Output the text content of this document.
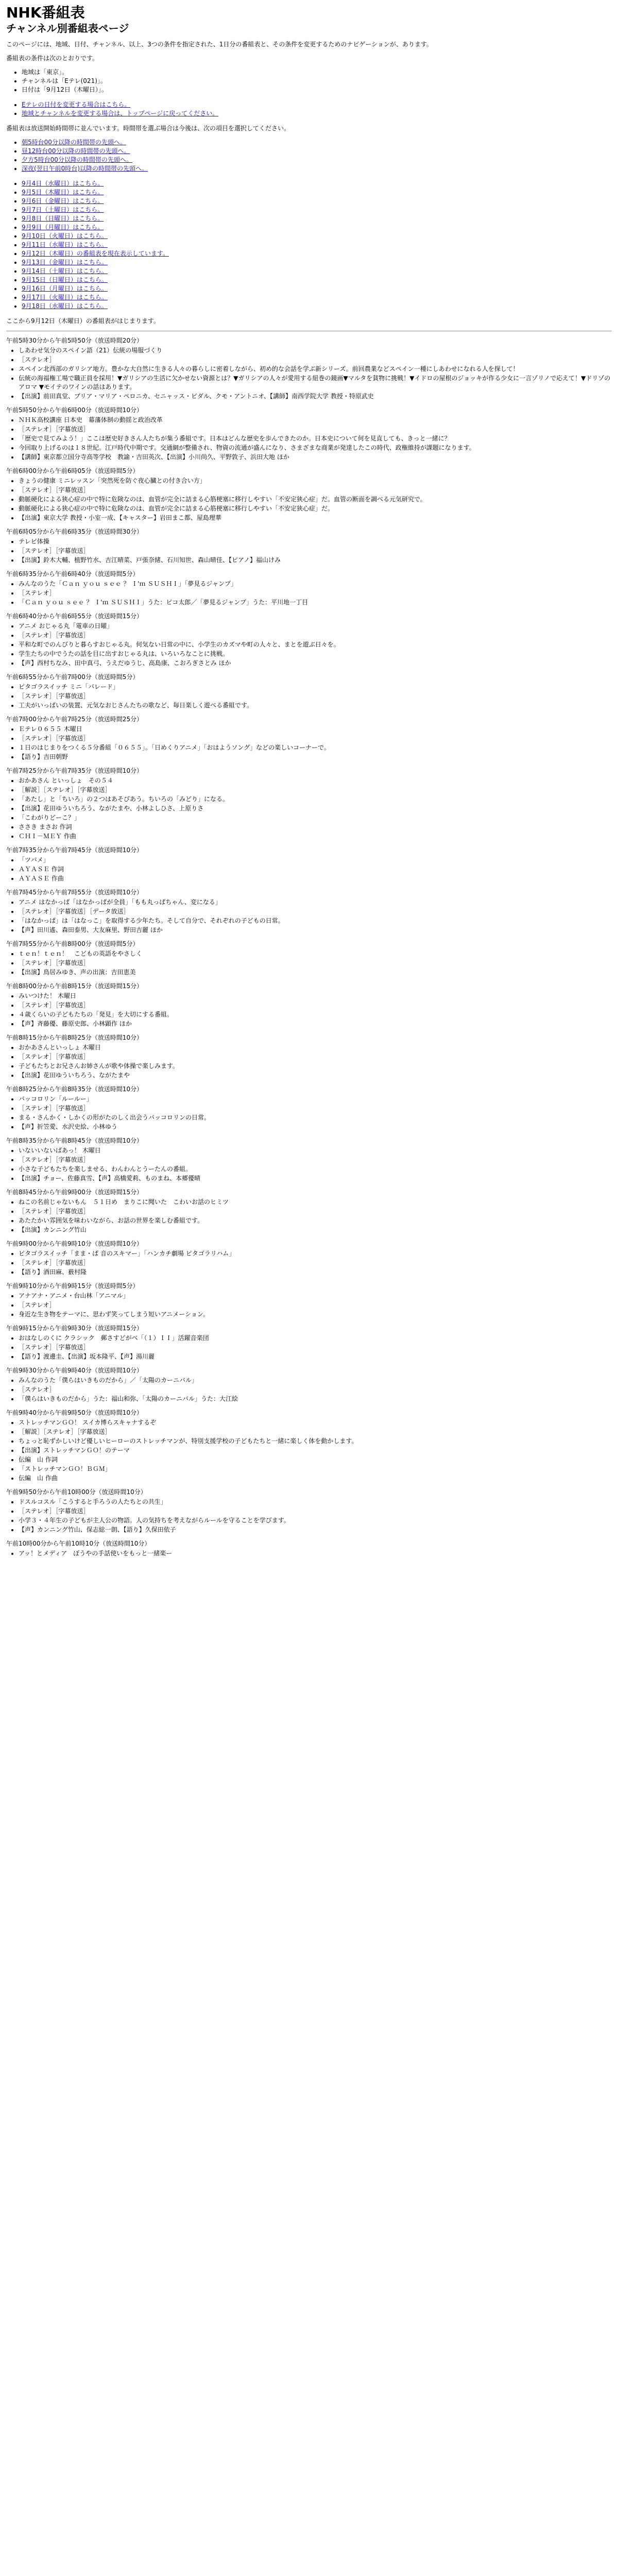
NHK番組表
チャンネル別番組表ページ

このページには、地域、日付、チャンネル、以上、3つの条件を指定された、1日分の番組表と、その条件を変更するためのナビゲーションが、あります。

番組表の条件は次のとおりです。

• 地域は「東京」。
• チャンネルは「Eテレ(021)」。
• 日付は「9月12日（木曜日）」。
• Eテレの日付を変更する場合はこちら。
• 地域とチャンネルを変更する場合は、トップページに戻ってください。

番組表は放送開始時間帯に並んでいます。時間帯を選ぶ場合は今後は、次の項目を選択してください。

• 朝5時台00分以降の時間帯の先頭へ。
• 昼12時台00分以降の時間帯の先頭へ。
• 夕方5時台00分以降の時間帯の先頭へ。
• 深夜(翌日午前0時台)以降の時間帯の先頭へ。
• 9月4日（水曜日）はこちら。
• 9月5日（木曜日）はこちら。
• 9月6日（金曜日）はこちら。
• 9月7日（土曜日）はこちら。
• 9月8日（日曜日）はこちら。
• 9月9日（月曜日）はこちら。
• 9月10日（火曜日）はこちら。
• 9月11日（水曜日）はこちら。
• 9月12日（木曜日）の番組表を現在表示しています。
• 9月13日（金曜日）はこちら。
• 9月14日（土曜日）はこちら。
• 9月15日（日曜日）はこちら。
• 9月16日（月曜日）はこちら。
• 9月17日（火曜日）はこちら。
• 9月18日（水曜日）はこちら。

ここから9月12日（木曜日）の番組表がはじまります。

午前5時30分から午前5時50分（放送時間20分）

• しあわせ気分のスペイン語（21）伝統の場服づくり
• ［ステレオ］
• スペイン北西部のガリシア地方。豊かな大自然に生きる人々の暮らしに密着しながら、初め的な会話を学ぶ新シリーズ。前回農業などスペイン一種にしあわせになれる人を探して！
• 伝統の海福権工場で職正員を採用！▼ガリシアの生活に欠かせない資源とは？▼ガリシアの人々が愛用する紐巻の鏡画▼マルタを貧物に挑戦！▼イドロの屋根のジョッキが作る少女に一言ゾリノで応えて！▼ドリゾのアロマ ▼モイテのワインの話はあります。
• 【出演】前田真堂、ブリア・マリア・ペロニカ、セニャッス・ビダル、クモ・アントニオ、【講師】南西学院大学 教授・特原武史

午前5時50分から午前6時00分（放送時間10分）

• ＮＨＫ高校講座 日本史　幕藩体制の動揺と政治改革
• ［ステレオ］［字幕放送］
• 「歴史で見てみよう！」ここは歴史好きさん人たちが集う番組です。日本はどんな歴史を歩んできたのか。日本史について何を見直しても、きっと一緒に？
• 今回取り上げるのは１８世紀。江戸時代中期です。交通網が整備され、物資の流通が盛んになり、さまざまな商業が発達したこの時代、政権維持が課題になります。
• 【講師】東京都立国分寺高等学校　教諭・吉田英次、【出演】小川尚久、平野敦子、浜田大地 ほか

午前6時00分から午前6時05分（放送時間5分）

• きょうの健康 ミニレッスン「突然死を防ぐ夜心臓との付き合い方」
• ［ステレオ］［字幕放送］
• 動脈硬化による狭心症の中で特に危険なのは、血管が完全に詰まる心筋梗塞に移行しやすい「不安定狭心症」だ。血管の断面を調べる元気研究で。
• 動脈硬化による狭心症の中で特に危険なのは、血管が完全に詰まる心筋梗塞に移行しやすい「不安定狭心症」だ。
• 【出演】東京大学 教授・小室一成、【キャスター】岩田まこ都、屋島理華

午前6時05分から午前6時35分（放送時間30分）

• テレビ体操
• ［ステレオ］［字幕放送］
• 【出演】鈴木大輔、植野竹水、吉江晴菜、戸張奈緒、石川知世、森山晴佳、【ピアノ】福山けみ

午前6時35分から午前6時40分（放送時間5分）

• みんなのうた「Ｃａｎ ｙｏｕ ｓｅｅ ？ Ｉ'ｍ ＳＵＳＨＩ」「夢見るジャンプ」
• ［ステレオ］
• 「Ｃａｎ ｙｏｕ ｓｅｅ ？ Ｉ'ｍ ＳＵＳＨＩ」うた：ピコ太郎／「夢見るジャンプ」うた：平川地一丁目

午前6時40分から午前6時55分（放送時間15分）

• アニメ おじゃる丸「電車の日曜」
• ［ステレオ］［字幕放送］
• 平和な町でのんびりと暮らすおじゃる丸。何気ない日常の中に、小学生のカズマや町の人々と、まとを遊ぶ日々を。
• 学生たちの中でうたの話を目に出すおじゃる丸は、いろいろなことに挑戦。
• 【声】西村ちなみ、田中真弓、うえだゆうじ、高島康、こおろぎさとみ ほか

午前6時55分から午前7時00分（放送時間5分）

• ピタゴラスイッチ ミニ「パレード」
• ［ステレオ］［字幕放送］
• 工夫がいっぱいの装置、元気なおじさんたちの歌など、毎日楽しく遊べる番組です。

午前7時00分から午前7時25分（放送時間25分）

• Ｅテレ０６５５ 木曜日
• ［ステレオ］［字幕放送］
• １日のはじまりをつくる５分番組「０６５５」。「日めくりアニメ」「おはようソング」などの楽しいコーナーで。
• 【語り】吉田朝野

午前7時25分から午前7時35分（放送時間10分）

• おかあさん といっしょ　その５４
• ［解説］［ステレオ］［字幕放送］
• 「あたし」と「ちいろ」の２つはあそびあう。ちいろの「みどり」になる。
• 【出演】花田ゆういちろう、ながたまや、小林よしひさ、上原りさ
• 「こわがりどーこ？」
• ささき まさお 作詞
• ＣＨＩ－ＭＥＹ 作曲

午前7時35分から午前7時45分（放送時間10分）

• 「ツバメ」
• ＡＹＡＳＥ 作詞
• ＡＹＡＳＥ 作曲

午前7時45分から午前7時55分（放送時間10分）

• アニメ はなかっぱ「はなかっぱが全員」「もも丸っぱちゃん、変になる」
• ［ステレオ］［字幕放送］［データ放送］
• 「はなかっぱ」は「はなっこ」を取得する少年たち。そして自分で、それぞれの子どもの日常。
• 【声】田川遙、森田泰男、大友麻里、野田吉麗 ほか

午前7時55分から午前8時00分（放送時間5分）

• ｔｅｎ！ｔｅｎ！　こどもの英語をやさしく
• ［ステレオ］［字幕放送］
• 【出演】鳥居みゆき、声の出演：吉田恵美

午前8時00分から午前8時15分（放送時間15分）

• みいつけた！ 木曜日
• ［ステレオ］［字幕放送］
• ４歳くらいの子どもたちの「発見」を大切にする番組。
• 【声】斉藤優、藤原史郎、小林顕作 ほか

午前8時15分から午前8時25分（放送時間10分）

• おかあさんといっしょ 木曜日
• ［ステレオ］［字幕放送］
• 子どもたちとお兄さんお姉さんが歌や体操で楽しみます。
• 【出演】花田ゆういちろう、ながたまや

午前8時25分から午前8時35分（放送時間10分）

• パッコロリン「ルールー」
• ［ステレオ］［字幕放送］
• まる・さんかく・しかくの形がたのしく出会うパッコロリンの日常。
• 【声】折笠愛、水沢史絵、小林ゆう

午前8時35分から午前8時45分（放送時間10分）

• いないいないばあっ！ 木曜日
• ［ステレオ］［字幕放送］
• 小さな子どもたちを楽しませる、わんわんとうーたんの番組。
• 【出演】チョー、佐藤真雪、【声】高橋愛莉、ものまね、本郷優晴

午前8時45分から午前9時00分（放送時間15分）

• ねこの名前じゃないもん　５１日め　まりこに聞いた　こわいお話のヒミツ
• ［ステレオ］［字幕放送］
• あたたかい雰囲気を味わいながら、お話の世界を楽しむ番組です。
• 【出演】カンニング竹山

午前9時00分から午前9時10分（放送時間10分）

• ピタゴラスイッチ「まま・ぱ 音のスキマー」「ハンカチ劇場 ピタゴラリハム」
• ［ステレオ］［字幕放送］
• 【語り】酒田麻、薮村隆

午前9時10分から午前9時15分（放送時間5分）

• アナアナ・アニメ・台山林「アニマル」
• ［ステレオ］
• 身近な生き物をテーマに、思わず笑ってしまう短いアニメーション。

午前9時15分から午前9時30分（放送時間15分）

• おはなしのくに クラシック　郵さすどがべ「（１）ＩＩ」活躍音楽団
• ［ステレオ］［字幕放送］
• 【語り】渡邊圭、【出演】坂本隆平、【声】湯川麗

午前9時30分から午前9時40分（放送時間10分）

• みんなのうた「僕らはいきものだから」／「太陽のカーニバル」
• ［ステレオ］
• 「僕らはいきものだから」うた：福山和弥、「太陽のカーニバル」うた：大江絵

午前9時40分から午前9時50分（放送時間10分）

• ストレッチマンＧＯ！ スイカ博らスキャナするぞ
• ［解説］［ステレオ］［字幕放送］
• ちょっと恥ずかしいけど優しいヒーローのストレッチマンが、特別支援学校の子どもたちと一緒に楽しく体を動かします。
• 【出演】ストレッチマンＧＯ！のテーマ
• 伝編　山 作詞
• 「ストレッチマンＧＯ！ＢＧＭ」
• 伝編　山 作曲

午前9時50分から午前10時00分（放送時間10分）

• ドスルコスル「こうすると手ろうの人たちとの共生」
• ［ステレオ］［字幕放送］
• 小学３・４年生の子どもが主人公の物語。人の気持ちを考えながらルールを守ることを学びます。
• 【声】カンニング竹山、保志総一朗、【語り】久保田依子

午前10時00分から午前10時10分（放送時間10分）

• アッ！とメディア　ぼうやの手話使いをもっと一緒楽ー
